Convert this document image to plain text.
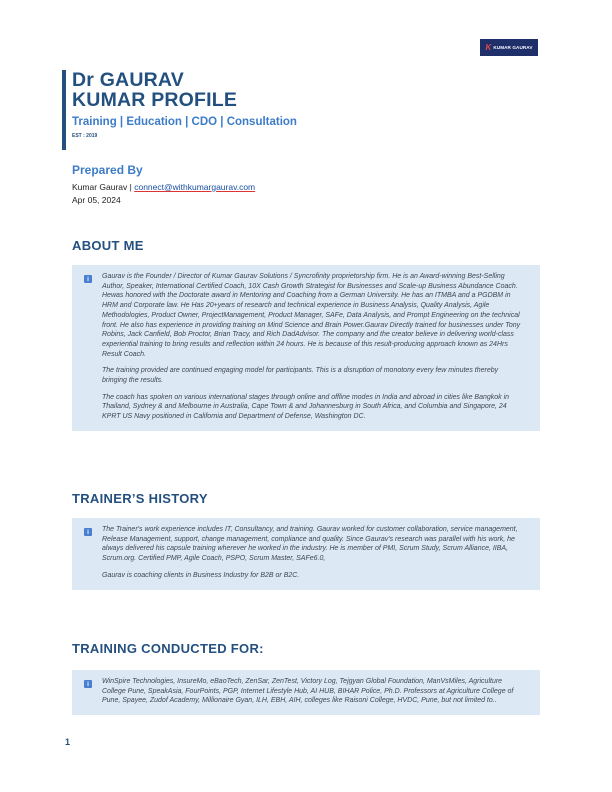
K KUMAR GAURAV
Dr GAURAV
KUMAR PROFILE
Training | Education | CDO | Consultation
EST : 2019
Prepared By
Kumar Gaurav | connect@withkumargaurav.com
Apr 05, 2024
ABOUT ME
i	Gaurav is the Founder / Director of Kumar Gaurav Solutions / Syncrofinity proprietorship firm. He is an Award-winning Best-Selling Author, Speaker, International Certified Coach, 10X Cash Growth Strategist for Businesses and Scale-up Business Abundance Coach. Hewas honored with the Doctorate award in Mentoring and Coaching from a German University. He has an ITMBA and a PGDBM in HRM and Corporate law. He Has 20+years of research and technical experience in Business Analysis, Quality Analysis, Agile Methodologies, Product Owner, ProjectManagement, Product Manager, SAFe, Data Analysis, and Prompt Engineering on the technical front. He also has experience in providing training on Mind Science and Brain Power.Gaurav Directly trained for businesses under Tony Robins, Jack Canfield, Bob Proctor, Brian Tracy, and Rich DadAdvisor. The company and the creator believe in delivering world-class experiential training to bring results and reflection within 24 hours. He is because of this result-producing approach known as 24Hrs Result Coach.

The training provided are continued engaging model for participants. This is a disruption of monotony every few minutes thereby bringing the results.

The coach has spoken on various international stages through online and offline modes in India and abroad in cities like Bangkok in Thailand, Sydney & and Melbourne in Australia, Cape Town & and Johannesburg in South Africa, and Columbia and Singapore, 24 KPRT US Navy positioned in California and Department of Defense, Washington DC.

TRAINER’S HISTORY
i	The Trainer's work experience includes IT, Consultancy, and training. Gaurav worked for customer collaboration, service management, Release Management, support, change management, compliance and quality. Since Gaurav's research was parallel with his work, he always delivered his capsule training wherever he worked in the industry. He is member of PMI, Scrum Study, Scrum Alliance, IIBA, Scrum.org. Certified PMP, Agile Coach, PSPO, Scrum Master, SAFe6.0,

Gaurav is coaching clients in Business Industry for B2B or B2C.

TRAINING CONDUCTED FOR:
i	WinSpire Technologies, InsureMo, eBaoTech, ZenSar, ZenTest, Victory Log, Tejgyan Global Foundation, ManVsMiles, Agriculture College Pune, SpeakAsia, FourPoints, PGP, Internet Lifestyle Hub, AI HUB, BIHAR Police, Ph.D. Professors at Agriculture College of Pune, Spayee, Zudof Academy, Millionaire Gyan, ILH, EBH, AIH, colleges like Raisoni College, HVDC, Pune, but not limited to..

1
